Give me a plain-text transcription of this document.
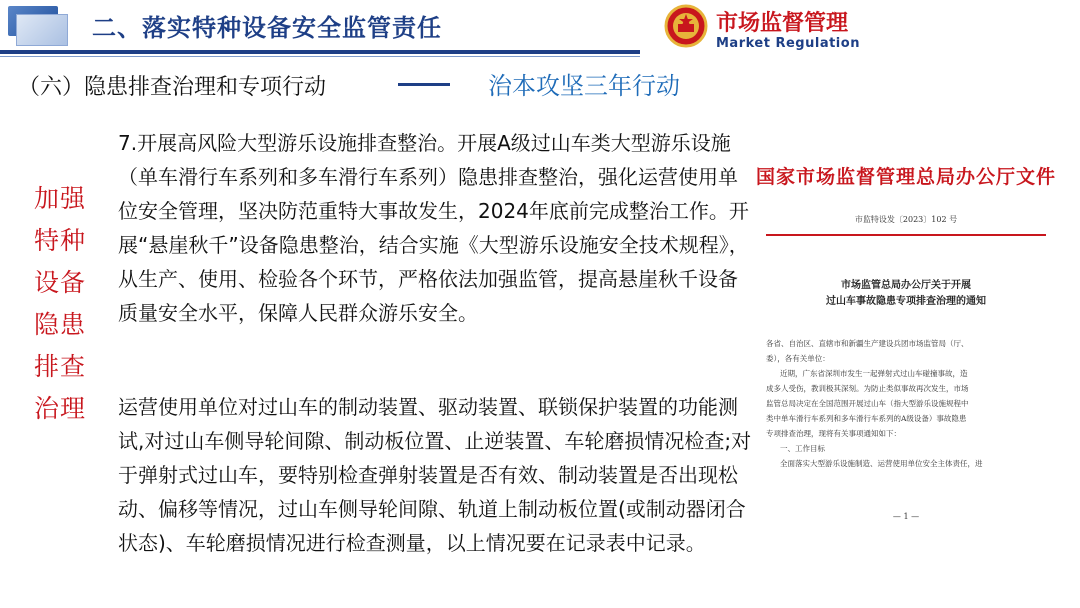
二、落实特种设备安全监管责任	市场监督管理
Market Regulation
（六）隐患排查治理和专项行动	治本攻坚三年行动
加强
特种
设备
隐患
排查
治理

7.开展高风险大型游乐设施排查整治。开展A级过山车类大型游乐设施（单车滑行车系列和多车滑行车系列）隐患排查整治，强化运营使用单位安全管理，坚决防范重特大事故发生，2024年底前完成整治工作。开展“悬崖秋千”设备隐患整治，结合实施《大型游乐设施安全技术规程》，从生产、使用、检验各个环节，严格依法加强监管，提高悬崖秋千设备质量安全水平，保障人民群众游乐安全。

运营使用单位对过山车的制动装置、驱动装置、联锁保护装置的功能测试,对过山车侧导轮间隙、制动板位置、止逆装置、车轮磨损情况检查;对于弹射式过山车，要特别检查弹射装置是否有效、制动装置是否出现松动、偏移等情况，过山车侧导轮间隙、轨道上制动板位置(或制动器闭合状态)、车轮磨损情况进行检查测量，以上情况要在记录表中记录。

国家市场监督管理总局办公厅文件
市监特设发〔2023〕102 号
市场监管总局办公厅关于开展
过山车事故隐患专项排查治理的通知

各省、自治区、直辖市和新疆生产建设兵团市场监管局（厅、

委），各有关单位：

近期，广东省深圳市发生一起弹射式过山车碰撞事故，造

成多人受伤，教训极其深刻。为防止类似事故再次发生，市场

监管总局决定在全国范围开展过山车（指大型游乐设施规程中

类中单车滑行车系列和多车滑行车系列的A级设备）事故隐患

专项排查治理，现将有关事项通知如下：

一、工作目标

全面落实大型游乐设施制造、运营使用单位安全主体责任，进

— 1 —
